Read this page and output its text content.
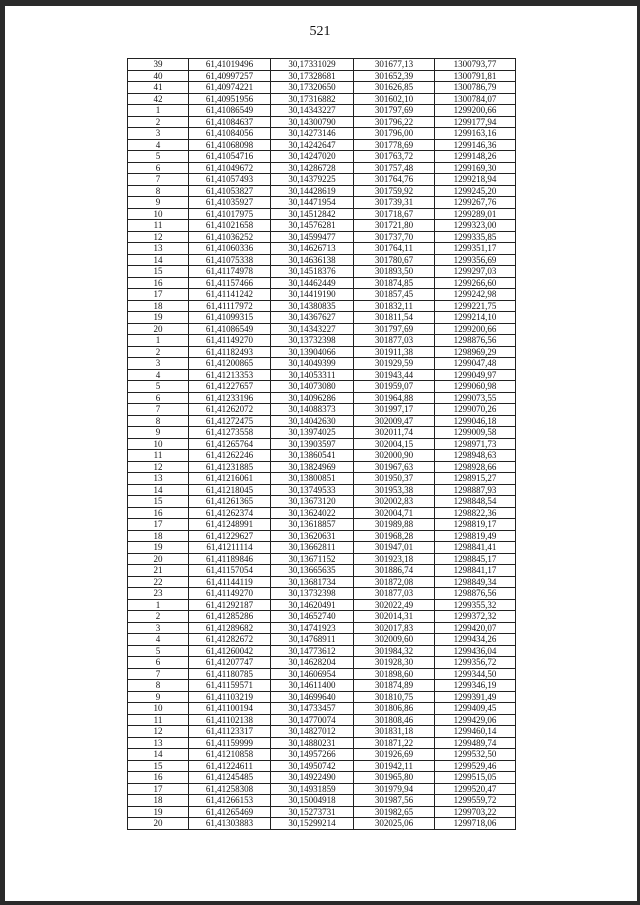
521
39	61,41019496	30,17331029	301677,13	1300793,77
40	61,40997257	30,17328681	301652,39	1300791,81
41	61,40974221	30,17320650	301626,85	1300786,79
42	61,40951956	30,17316882	301602,10	1300784,07
1	61,41086549	30,14343227	301797,69	1299200,66
2	61,41084637	30,14300790	301796,22	1299177,94
3	61,41084056	30,14273146	301796,00	1299163,16
4	61,41068098	30,14242647	301778,69	1299146,36
5	61,41054716	30,14247020	301763,72	1299148,26
6	61,41049672	30,14286728	301757,48	1299169,30
7	61,41057493	30,14379225	301764,76	1299218,94
8	61,41053827	30,14428619	301759,92	1299245,20
9	61,41035927	30,14471954	301739,31	1299267,76
10	61,41017975	30,14512842	301718,67	1299289,01
11	61,41021658	30,14576281	301721,80	1299323,00
12	61,41036252	30,14599477	301737,70	1299335,85
13	61,41060336	30,14626713	301764,11	1299351,17
14	61,41075338	30,14636138	301780,67	1299356,69
15	61,41174978	30,14518376	301893,50	1299297,03
16	61,41157466	30,14462449	301874,85	1299266,60
17	61,41141242	30,14419190	301857,45	1299242,98
18	61,41117972	30,14380835	301832,11	1299221,75
19	61,41099315	30,14367627	301811,54	1299214,10
20	61,41086549	30,14343227	301797,69	1299200,66
1	61,41149270	30,13732398	301877,03	1298876,56
2	61,41182493	30,13904066	301911,38	1298969,29
3	61,41200865	30,14049399	301929,59	1299047,48
4	61,41213353	30,14053311	301943,44	1299049,97
5	61,41227657	30,14073080	301959,07	1299060,98
6	61,41233196	30,14096286	301964,88	1299073,55
7	61,41262072	30,14088373	301997,17	1299070,26
8	61,41272475	30,14042630	302009,47	1299046,18
9	61,41273558	30,13974025	302011,74	1299009,58
10	61,41265764	30,13903597	302004,15	1298971,73
11	61,41262246	30,13860541	302000,90	1298948,63
12	61,41231885	30,13824969	301967,63	1298928,66
13	61,41216061	30,13800851	301950,37	1298915,27
14	61,41218045	30,13749533	301953,38	1298887,93
15	61,41261365	30,13673120	302002,83	1298848,54
16	61,41262374	30,13624022	302004,71	1298822,36
17	61,41248991	30,13618857	301989,88	1298819,17
18	61,41229627	30,13620631	301968,28	1298819,49
19	61,41211114	30,13662811	301947,01	1298841,41
20	61,41189846	30,13671152	301923,18	1298845,17
21	61,41157054	30,13665635	301886,74	1298841,17
22	61,41144119	30,13681734	301872,08	1298849,34
23	61,41149270	30,13732398	301877,03	1298876,56
1	61,41292187	30,14620491	302022,49	1299355,32
2	61,41285286	30,14652740	302014,31	1299372,32
3	61,41289682	30,14741923	302017,83	1299420,07
4	61,41282672	30,14768911	302009,60	1299434,26
5	61,41260042	30,14773612	301984,32	1299436,04
6	61,41207747	30,14628204	301928,30	1299356,72
7	61,41180785	30,14606954	301898,60	1299344,50
8	61,41159571	30,14611400	301874,89	1299346,19
9	61,41103219	30,14699640	301810,75	1299391,49
10	61,41100194	30,14733457	301806,86	1299409,45
11	61,41102138	30,14770074	301808,46	1299429,06
12	61,41123317	30,14827012	301831,18	1299460,14
13	61,41159999	30,14880231	301871,22	1299489,74
14	61,41210858	30,14957266	301926,69	1299532,50
15	61,41224611	30,14950742	301942,11	1299529,46
16	61,41245485	30,14922490	301965,80	1299515,05
17	61,41258308	30,14931859	301979,94	1299520,47
18	61,41266153	30,15004918	301987,56	1299559,72
19	61,41265469	30,15273731	301982,65	1299703,22
20	61,41303883	30,15299214	302025,06	1299718,06
